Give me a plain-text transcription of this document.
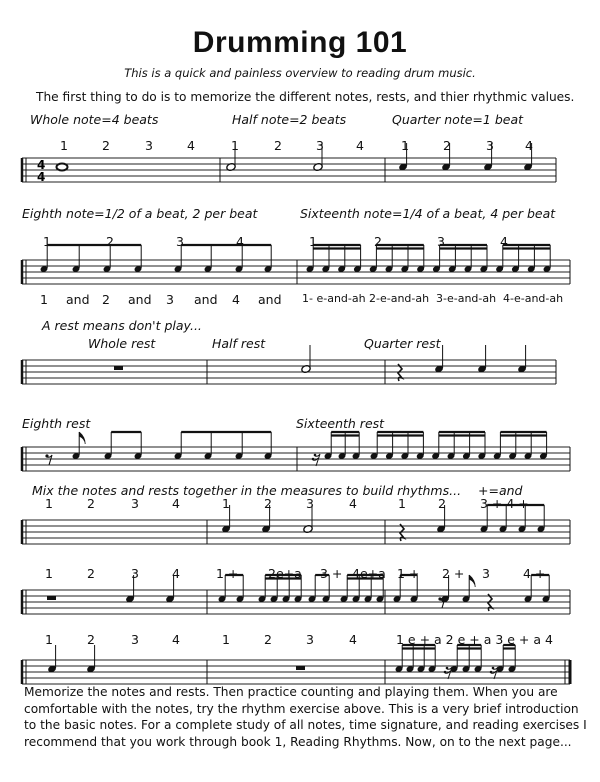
4
4
Drumming 101
This is a quick and painless overview to reading drum music.
The first thing to do is to memorize the different notes, rests, and thier rhythmic values.
Whole note=4 beats	Half note=2 beats	Quarter note=1 beat
Eighth note=1/2 of a beat, 2 per beat	Sixteenth note=1/4 of a beat, 4 per beat
A rest means don't play...
Whole rest	Half rest	Quarter rest
Eighth rest	Sixteenth rest
Mix the notes and rests together in the measures to build rhythms... +=and
1	2	3	4	1	2	3	4	1	2	3 4
1	2	3	4	1	2	3	4
1 and 2 and 3 and 4 and 1- e-and-ah 2-e-and-ah 3-e-and-ah 4-e-and-ah
1	2	3	4	1	2	3	4	1	2	3 + 4 +
1	2	3	4	1 + 2e+a 3 + 4e+a 1 + 2 + 3	4 +
1	2	3	4	1	2	3	4	1 e + a 2 e + a 3 e + a 4
Memorize the notes and rests. Then practice counting and playing them. When you are
comfortable with the notes, try the rhythm exercise above. This is a very brief introduction
to the basic notes. For a complete study of all notes, time signature, and reading exercises I
recommend that you work through book 1, Reading Rhythms. Now, on to the next page...
